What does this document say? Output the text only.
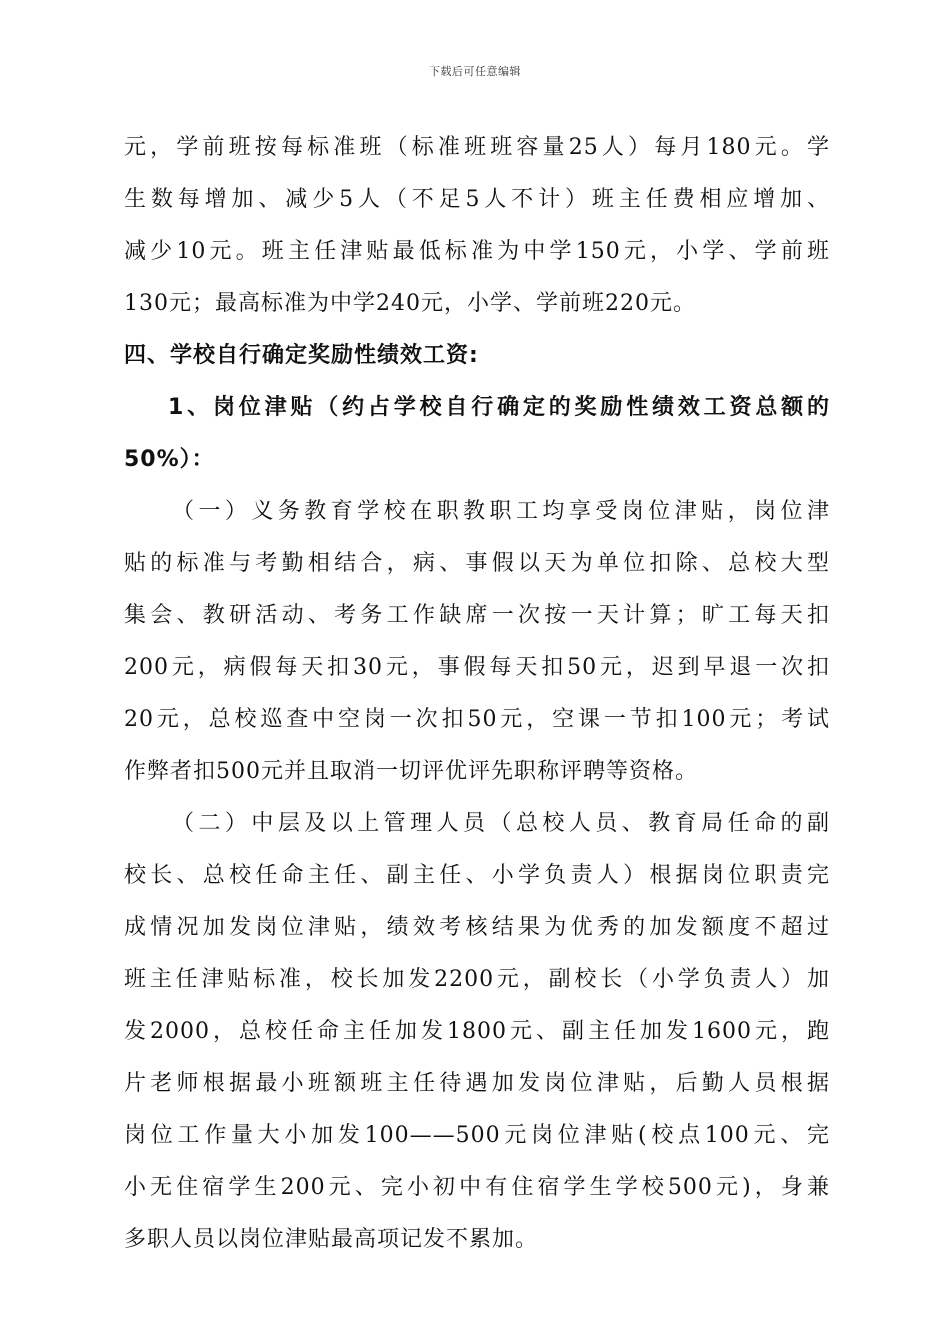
下载后可任意编辑
元，学前班按每标准班（标准班班容量25人）每月180元。学
生数每增加、减少5人（不足5人不计）班主任费相应增加、
减少10元。班主任津贴最低标准为中学150元，小学、学前班
130元；最高标准为中学240元，小学、学前班220元。
四、学校自行确定奖励性绩效工资:
1、岗位津贴（约占学校自行确定的奖励性绩效工资总额的
50%）：
（一）义务教育学校在职教职工均享受岗位津贴，岗位津
贴的标准与考勤相结合，病、事假以天为单位扣除、总校大型
集会、教研活动、考务工作缺席一次按一天计算；旷工每天扣
200元，病假每天扣30元，事假每天扣50元，迟到早退一次扣
20元，总校巡查中空岗一次扣50元，空课一节扣100元；考试
作弊者扣500元并且取消一切评优评先职称评聘等资格。
（二）中层及以上管理人员（总校人员、教育局任命的副
校长、总校任命主任、副主任、小学负责人）根据岗位职责完
成情况加发岗位津贴，绩效考核结果为优秀的加发额度不超过
班主任津贴标准，校长加发2200元，副校长（小学负责人）加
发2000，总校任命主任加发1800元、副主任加发1600元，跑
片老师根据最小班额班主任待遇加发岗位津贴，后勤人员根据
岗位工作量大小加发100——500元岗位津贴(校点100元、完
小无住宿学生200元、完小初中有住宿学生学校500元)，身兼
多职人员以岗位津贴最高项记发不累加。
